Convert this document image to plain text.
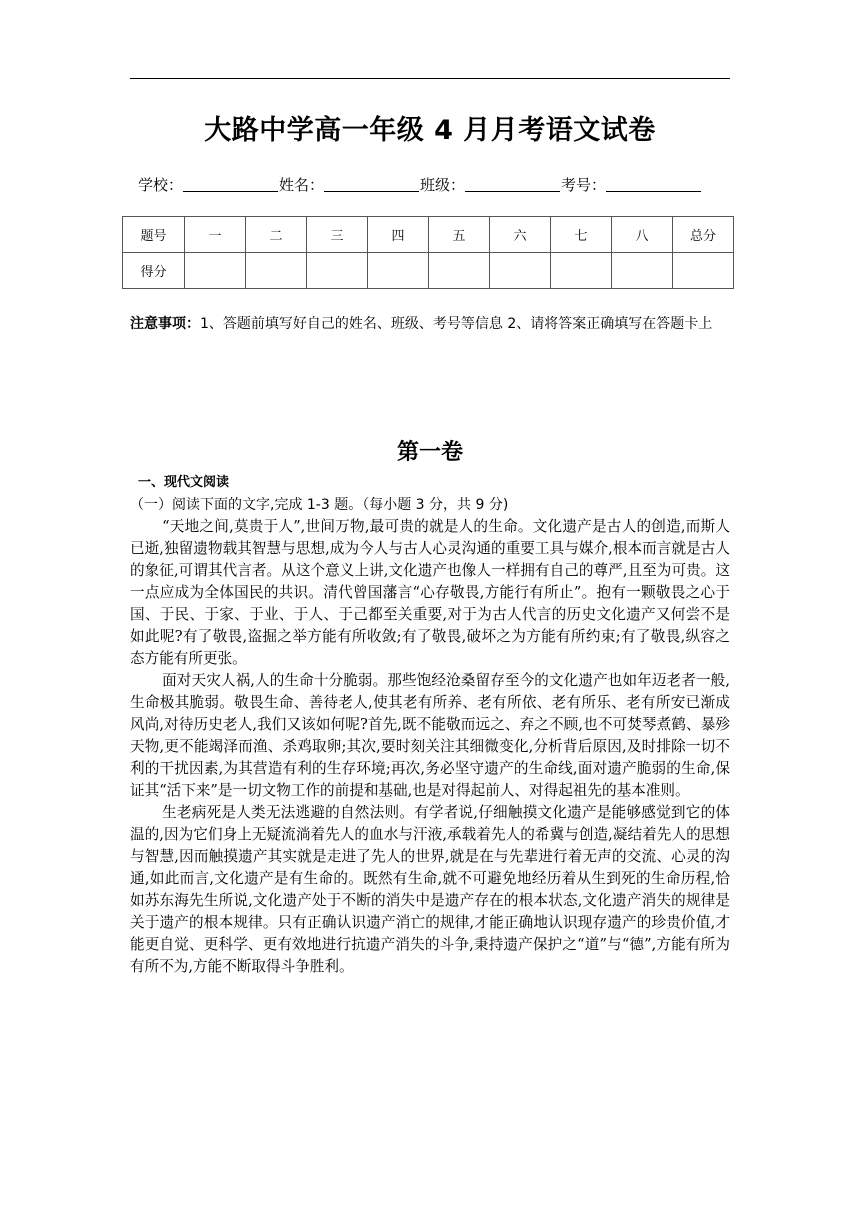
大路中学高一年级 4 月月考语文试卷
学校：	姓名：	班级：	考号：
题号	一	二	三	四	五	六	七	八	总分
得分									
注意事项：1、答题前填写好自己的姓名、班级、考号等信息 2、请将答案正确填写在答题卡上
第一卷
一、现代文阅读
（一）阅读下面的文字,完成 1-3 题。（每小题 3 分，共 9 分)

“天地之间,莫贵于人”,世间万物,最可贵的就是人的生命。文化遗产是古人的创造,而斯人已逝,独留遗物载其智慧与思想,成为今人与古人心灵沟通的重要工具与媒介,根本而言就是古人的象征,可谓其代言者。从这个意义上讲,文化遗产也像人一样拥有自己的尊严,且至为可贵。这一点应成为全体国民的共识。清代曾国藩言“心存敬畏,方能行有所止”。抱有一颗敬畏之心于国、于民、于家、于业、于人、于己都至关重要,对于为古人代言的历史文化遗产又何尝不是如此呢?有了敬畏,盗掘之举方能有所收敛;有了敬畏,破坏之为方能有所约束;有了敬畏,纵容之态方能有所更张。

面对天灾人祸,人的生命十分脆弱。那些饱经沧桑留存至今的文化遗产也如年迈老者一般,生命极其脆弱。敬畏生命、善待老人,使其老有所养、老有所依、老有所乐、老有所安已渐成风尚,对待历史老人,我们又该如何呢?首先,既不能敬而远之、弃之不顾,也不可焚琴煮鹤、暴殄天物,更不能竭泽而渔、杀鸡取卵;其次,要时刻关注其细微变化,分析背后原因,及时排除一切不利的干扰因素,为其营造有利的生存环境;再次,务必坚守遗产的生命线,面对遗产脆弱的生命,保证其“活下来”是一切文物工作的前提和基础,也是对得起前人、对得起祖先的基本准则。

生老病死是人类无法逃避的自然法则。有学者说,仔细触摸文化遗产是能够感觉到它的体温的,因为它们身上无疑流淌着先人的血水与汗液,承载着先人的希冀与创造,凝结着先人的思想与智慧,因而触摸遗产其实就是走进了先人的世界,就是在与先辈进行着无声的交流、心灵的沟通,如此而言,文化遗产是有生命的。既然有生命,就不可避免地经历着从生到死的生命历程,恰如苏东海先生所说,文化遗产处于不断的消失中是遗产存在的根本状态,文化遗产消失的规律是关于遗产的根本规律。只有正确认识遗产消亡的规律,才能正确地认识现存遗产的珍贵价值,才能更自觉、更科学、更有效地进行抗遗产消失的斗争,秉持遗产保护之“道”与“德”,方能有所为有所不为,方能不断取得斗争胜利。
